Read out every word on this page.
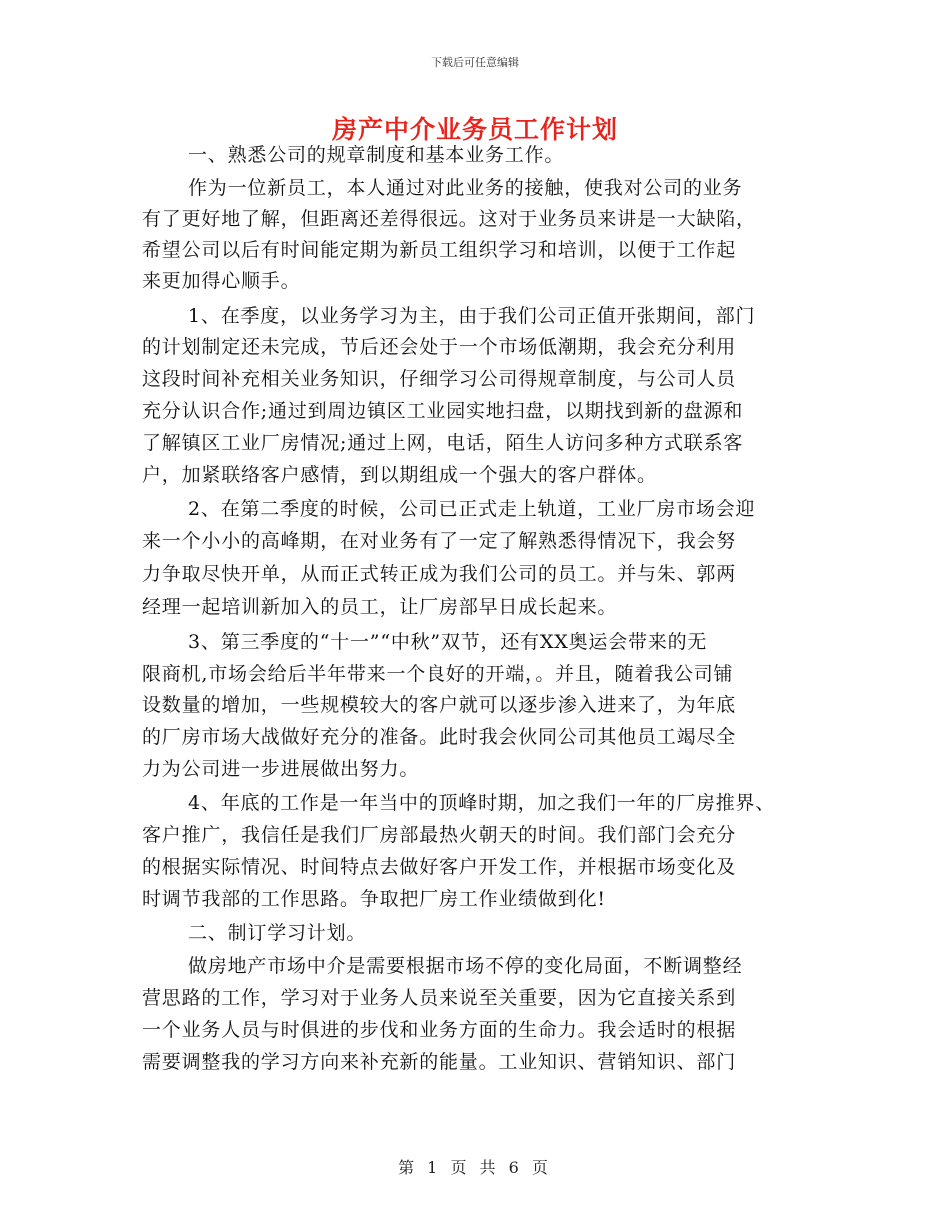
下载后可任意编辑
房产中介业务员工作计划
一、熟悉公司的规章制度和基本业务工作。
作为一位新员工，本人通过对此业务的接触，使我对公司的业务
有了更好地了解，但距离还差得很远。这对于业务员来讲是一大缺陷，
希望公司以后有时间能定期为新员工组织学习和培训，以便于工作起
来更加得心顺手。
1、在季度，以业务学习为主，由于我们公司正值开张期间，部门
的计划制定还未完成，节后还会处于一个市场低潮期，我会充分利用
这段时间补充相关业务知识，仔细学习公司得规章制度，与公司人员
充分认识合作;通过到周边镇区工业园实地扫盘，以期找到新的盘源和
了解镇区工业厂房情况;通过上网，电话，陌生人访问多种方式联系客
户，加紧联络客户感情，到以期组成一个强大的客户群体。
2、在第二季度的时候，公司已正式走上轨道，工业厂房市场会迎
来一个小小的高峰期，在对业务有了一定了解熟悉得情况下，我会努
力争取尽快开单，从而正式转正成为我们公司的员工。并与朱、郭两
经理一起培训新加入的员工，让厂房部早日成长起来。
3、第三季度的“十一”“中秋”双节，还有XX奥运会带来的无
限商机,市场会给后半年带来一个良好的开端，。并且，随着我公司铺
设数量的增加，一些规模较大的客户就可以逐步渗入进来了，为年底
的厂房市场大战做好充分的准备。此时我会伙同公司其他员工竭尽全
力为公司进一步进展做出努力。
4、年底的工作是一年当中的顶峰时期，加之我们一年的厂房推界、
客户推广，我信任是我们厂房部最热火朝天的时间。我们部门会充分
的根据实际情况、时间特点去做好客户开发工作，并根据市场变化及
时调节我部的工作思路。争取把厂房工作业绩做到化!
二、制订学习计划。
做房地产市场中介是需要根据市场不停的变化局面，不断调整经
营思路的工作，学习对于业务人员来说至关重要，因为它直接关系到
一个业务人员与时俱进的步伐和业务方面的生命力。我会适时的根据
需要调整我的学习方向来补充新的能量。工业知识、营销知识、部门
第 1 页 共 6 页
